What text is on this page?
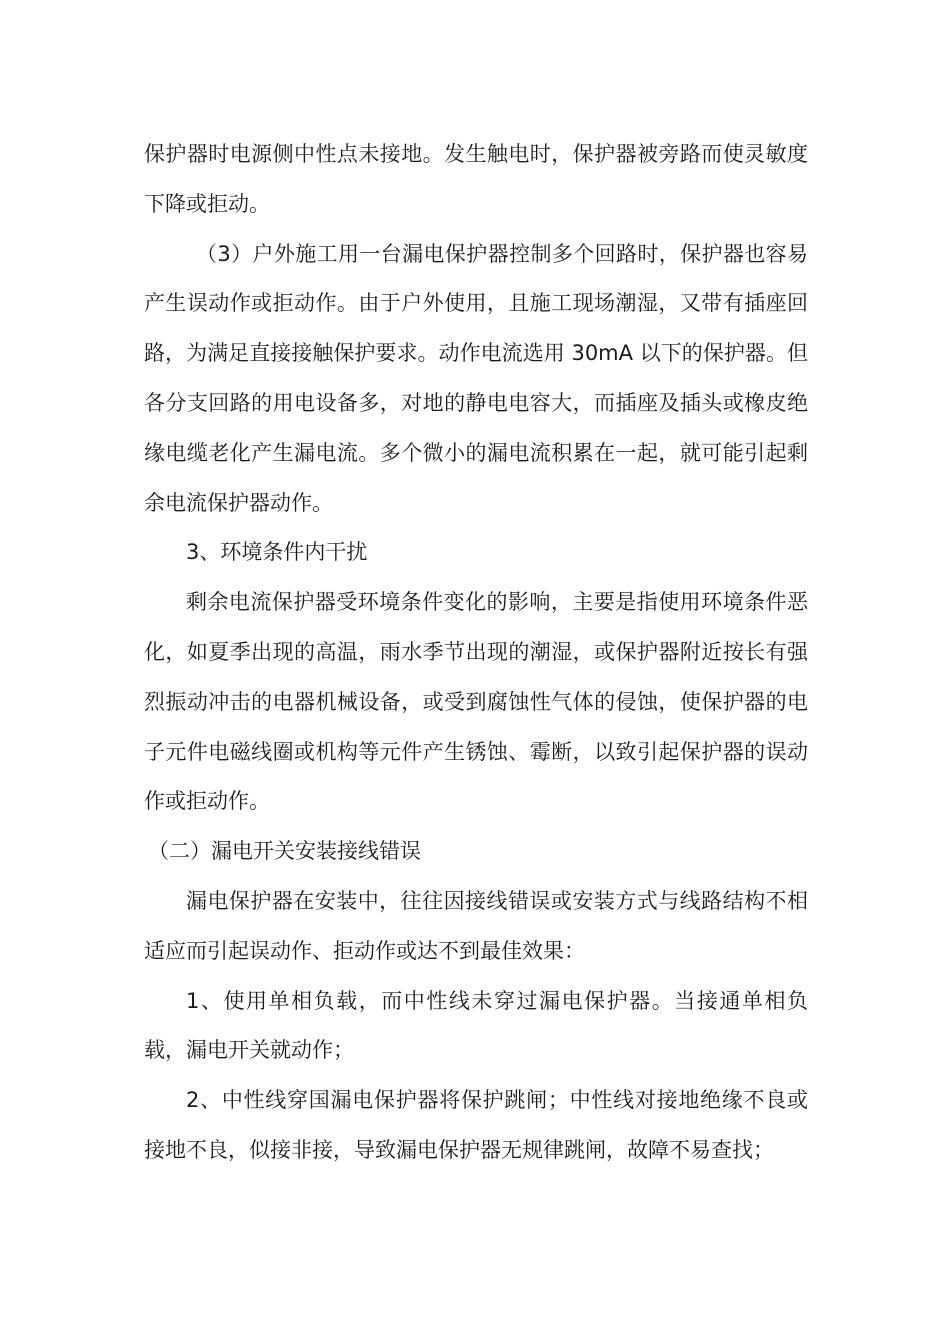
保护器时电源侧中性点未接地。发生触电时，保护器被旁路而使灵敏度下降或拒动。

（3）户外施工用一台漏电保护器控制多个回路时，保护器也容易产生误动作或拒动作。由于户外使用，且施工现场潮湿，又带有插座回路，为满足直接接触保护要求。动作电流选用 30mA 以下的保护器。但各分支回路的用电设备多，对地的静电电容大，而插座及插头或橡皮绝缘电缆老化产生漏电流。多个微小的漏电流积累在一起，就可能引起剩余电流保护器动作。

3、环境条件内干扰

剩余电流保护器受环境条件变化的影响，主要是指使用环境条件恶化，如夏季出现的高温，雨水季节出现的潮湿，或保护器附近按长有强烈振动冲击的电器机械设备，或受到腐蚀性气体的侵蚀，使保护器的电子元件电磁线圈或机构等元件产生锈蚀、霉断，以致引起保护器的误动作或拒动作。

（二）漏电开关安装接线错误

漏电保护器在安装中，往往因接线错误或安装方式与线路结构不相适应而引起误动作、拒动作或达不到最佳效果：

1、使用单相负载，而中性线未穿过漏电保护器。当接通单相负载，漏电开关就动作；

2、中性线穿国漏电保护器将保护跳闸；中性线对接地绝缘不良或接地不良，似接非接，导致漏电保护器无规律跳闸，故障不易查找；
